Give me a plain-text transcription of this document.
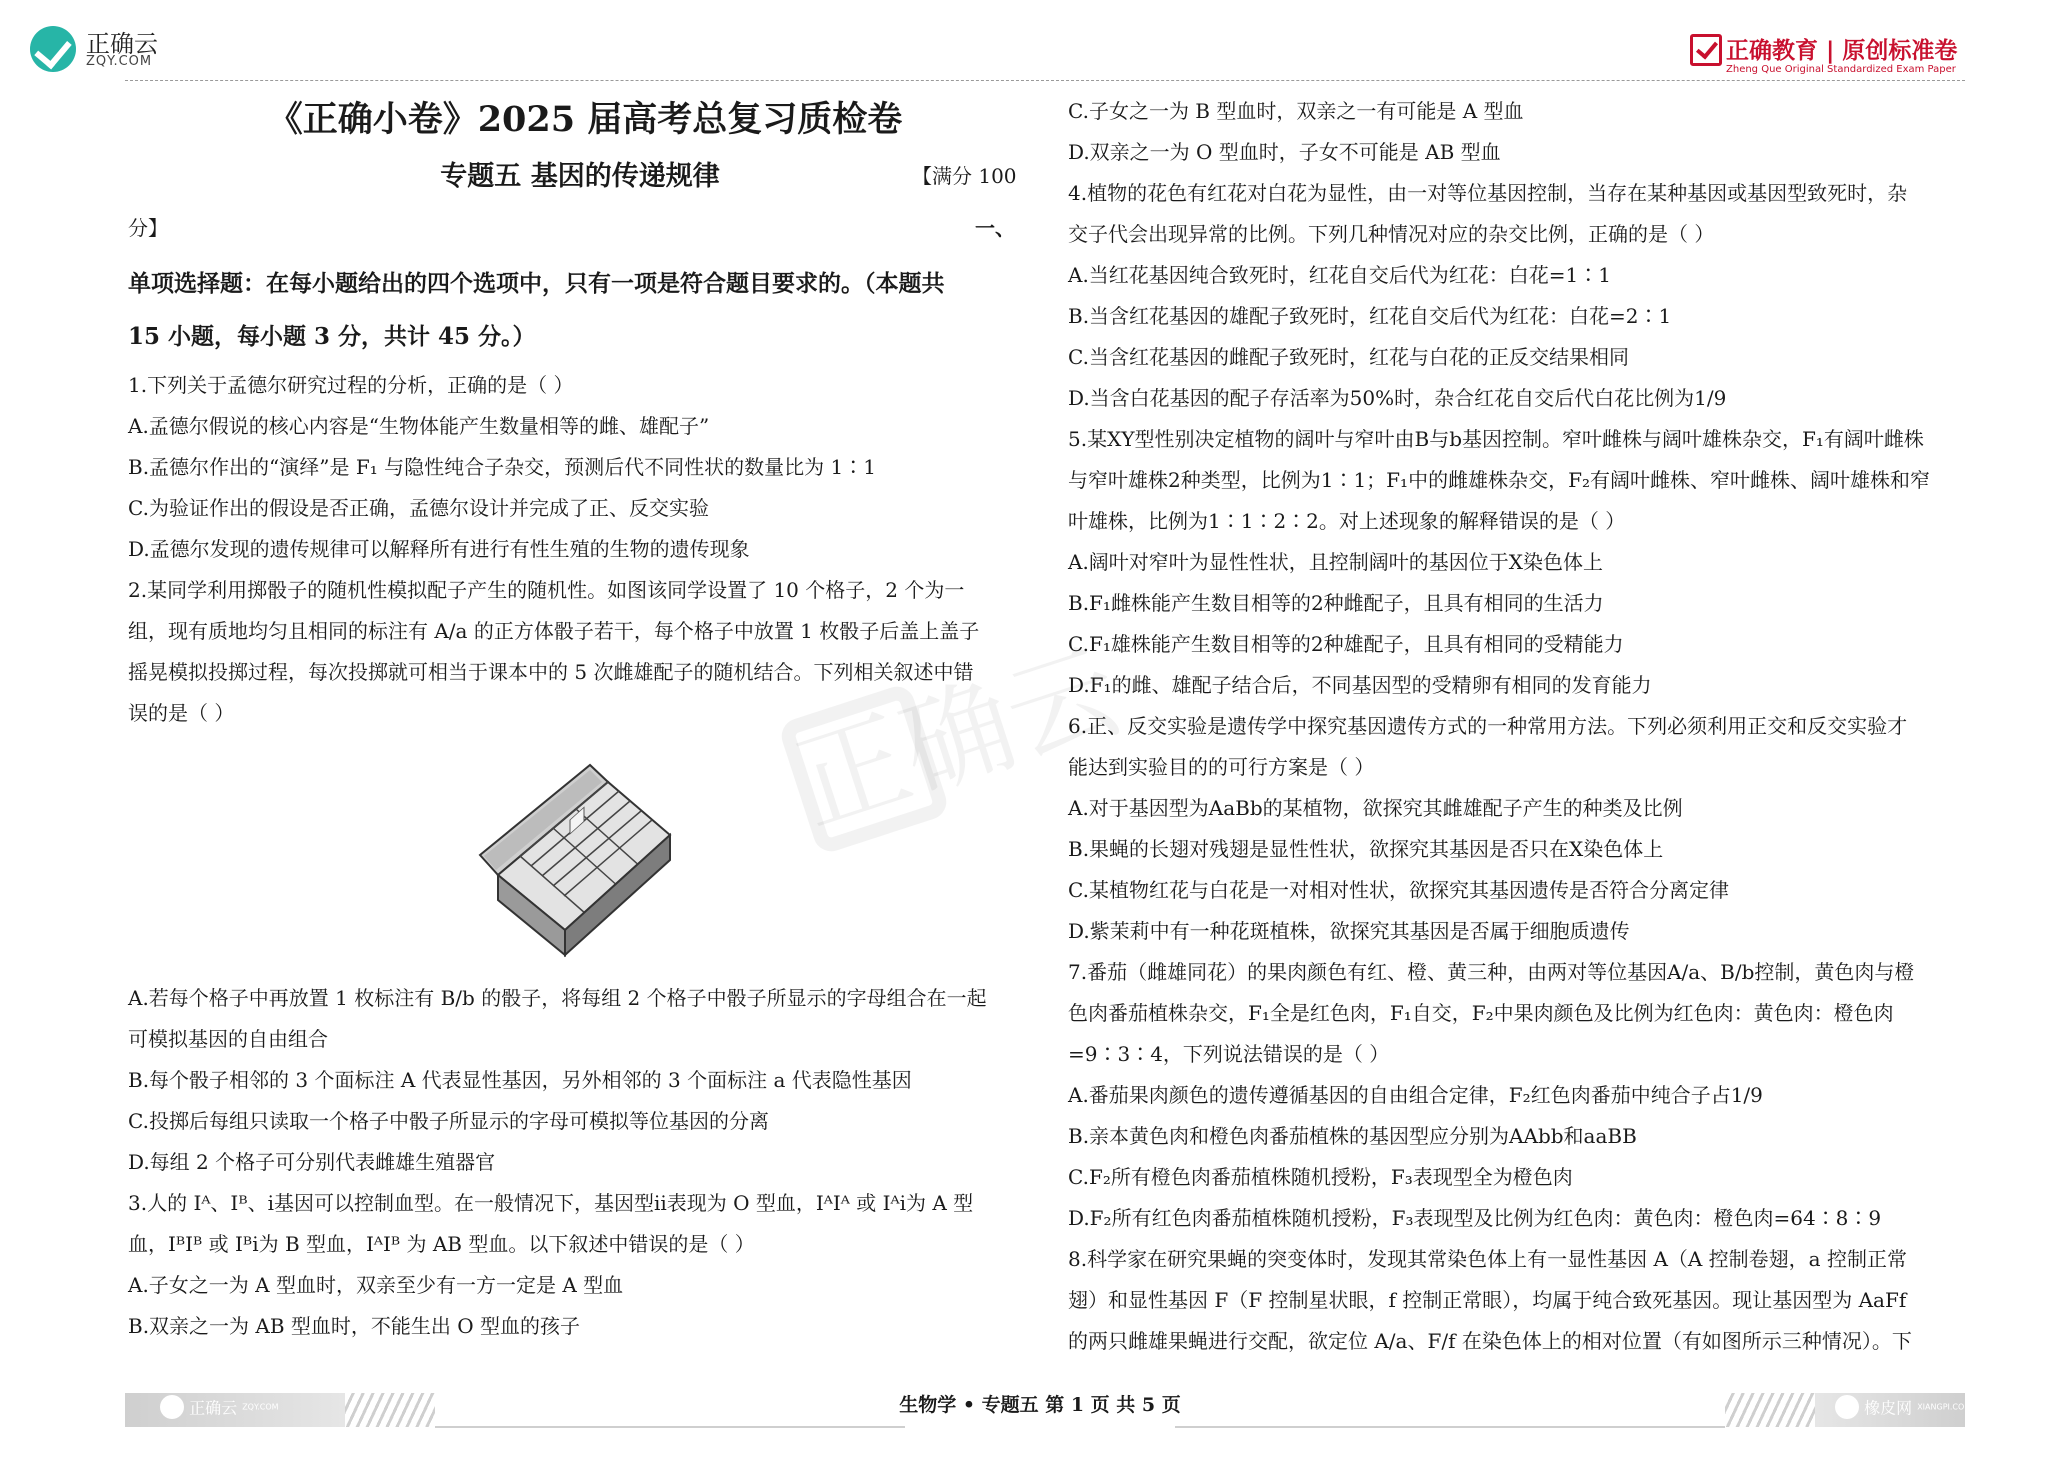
正确云
ZQY.COM	正确教育 | 原创标准卷
Zheng Que Original Standardized Exam Paper
正确云
《正确小卷》2025 届高考总复习质检卷
专题五 基因的传递规律	【满分 100
分】	一、
单项选择题：在每小题给出的四个选项中，只有一项是符合题目要求的。（本题共
15 小题，每小题 3 分，共计 45 分。）
1.下列关于孟德尔研究过程的分析，正确的是（ ）
A.孟德尔假说的核心内容是“生物体能产生数量相等的雌、雄配子”
B.孟德尔作出的“演绎”是 F₁ 与隐性纯合子杂交，预测后代不同性状的数量比为 1∶1
C.为验证作出的假设是否正确，孟德尔设计并完成了正、反交实验
D.孟德尔发现的遗传规律可以解释所有进行有性生殖的生物的遗传现象
2.某同学利用掷骰子的随机性模拟配子产生的随机性。如图该同学设置了 10 个格子，2 个为一
组，现有质地均匀且相同的标注有 A/a 的正方体骰子若干，每个格子中放置 1 枚骰子后盖上盖子
摇晃模拟投掷过程，每次投掷就可相当于课本中的 5 次雌雄配子的随机结合。下列相关叙述中错
误的是（ ）
A.若每个格子中再放置 1 枚标注有 B/b 的骰子，将每组 2 个格子中骰子所显示的字母组合在一起
可模拟基因的自由组合
B.每个骰子相邻的 3 个面标注 A 代表显性基因，另外相邻的 3 个面标注 a 代表隐性基因
C.投掷后每组只读取一个格子中骰子所显示的字母可模拟等位基因的分离
D.每组 2 个格子可分别代表雌雄生殖器官
3.人的 Iᴬ、Iᴮ、i基因可以控制血型。在一般情况下，基因型ii表现为 O 型血，IᴬIᴬ 或 Iᴬi为 A 型
血，IᴮIᴮ 或 Iᴮi为 B 型血，IᴬIᴮ 为 AB 型血。以下叙述中错误的是（ ）
A.子女之一为 A 型血时，双亲至少有一方一定是 A 型血
B.双亲之一为 AB 型血时，不能生出 O 型血的孩子
C.子女之一为 B 型血时，双亲之一有可能是 A 型血
D.双亲之一为 O 型血时，子女不可能是 AB 型血
4.植物的花色有红花对白花为显性，由一对等位基因控制，当存在某种基因或基因型致死时，杂
交子代会出现异常的比例。下列几种情况对应的杂交比例，正确的是（ ）
A.当红花基因纯合致死时，红花自交后代为红花：白花=1∶1
B.当含红花基因的雄配子致死时，红花自交后代为红花：白花=2∶1
C.当含红花基因的雌配子致死时，红花与白花的正反交结果相同
D.当含白花基因的配子存活率为50%时，杂合红花自交后代白花比例为1/9
5.某XY型性别决定植物的阔叶与窄叶由B与b基因控制。窄叶雌株与阔叶雄株杂交，F₁有阔叶雌株
与窄叶雄株2种类型，比例为1∶1；F₁中的雌雄株杂交，F₂有阔叶雌株、窄叶雌株、阔叶雄株和窄
叶雄株，比例为1∶1∶2∶2。对上述现象的解释错误的是（ ）
A.阔叶对窄叶为显性性状，且控制阔叶的基因位于X染色体上
B.F₁雌株能产生数目相等的2种雌配子，且具有相同的生活力
C.F₁雄株能产生数目相等的2种雄配子，且具有相同的受精能力
D.F₁的雌、雄配子结合后，不同基因型的受精卵有相同的发育能力
6.正、反交实验是遗传学中探究基因遗传方式的一种常用方法。下列必须利用正交和反交实验才
能达到实验目的的可行方案是（ ）
A.对于基因型为AaBb的某植物，欲探究其雌雄配子产生的种类及比例
B.果蝇的长翅对残翅是显性性状，欲探究其基因是否只在X染色体上
C.某植物红花与白花是一对相对性状，欲探究其基因遗传是否符合分离定律
D.紫茉莉中有一种花斑植株，欲探究其基因是否属于细胞质遗传
7.番茄（雌雄同花）的果肉颜色有红、橙、黄三种，由两对等位基因A/a、B/b控制，黄色肉与橙
色肉番茄植株杂交，F₁全是红色肉，F₁自交，F₂中果肉颜色及比例为红色肉：黄色肉：橙色肉
=9∶3∶4，下列说法错误的是（ ）
A.番茄果肉颜色的遗传遵循基因的自由组合定律，F₂红色肉番茄中纯合子占1/9
B.亲本黄色肉和橙色肉番茄植株的基因型应分别为AAbb和aaBB
C.F₂所有橙色肉番茄植株随机授粉，F₃表现型全为橙色肉
D.F₂所有红色肉番茄植株随机授粉，F₃表现型及比例为红色肉：黄色肉：橙色肉=64∶8∶9
8.科学家在研究果蝇的突变体时，发现其常染色体上有一显性基因 A（A 控制卷翅，a 控制正常
翅）和显性基因 F（F 控制星状眼，f 控制正常眼），均属于纯合致死基因。现让基因型为 AaFf
的两只雌雄果蝇进行交配，欲定位 A/a、F/f 在染色体上的相对位置（有如图所示三种情况）。下
正确云 ZQY.COM	生物学 • 专题五 第 1 页 共 5 页	橡皮网 XIANGPI.COM
